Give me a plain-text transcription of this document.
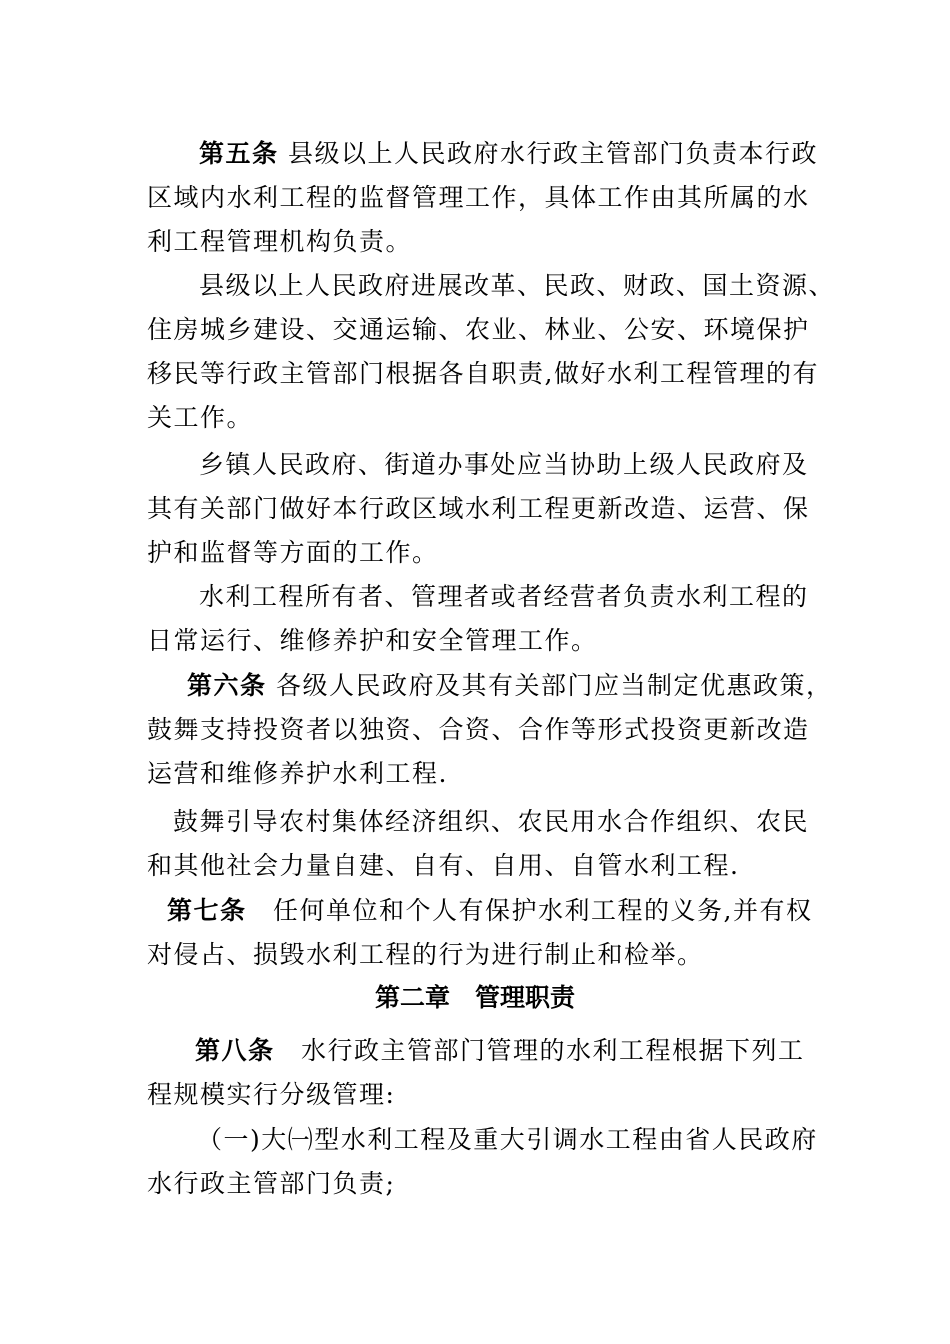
第五条 县级以上人民政府水行政主管部门负责本行政
区域内水利工程的监督管理工作，具体工作由其所属的水
利工程管理机构负责。

县级以上人民政府进展改革、民政、财政、国土资源、
住房城乡建设、交通运输、农业、林业、公安、环境保护
移民等行政主管部门根据各自职责,做好水利工程管理的有
关工作。

乡镇人民政府、街道办事处应当协助上级人民政府及
其有关部门做好本行政区域水利工程更新改造、运营、保
护和监督等方面的工作。

水利工程所有者、管理者或者经营者负责水利工程的
日常运行、维修养护和安全管理工作。

第六条 各级人民政府及其有关部门应当制定优惠政策，
鼓舞支持投资者以独资、合资、合作等形式投资更新改造
运营和维修养护水利工程.

鼓舞引导农村集体经济组织、农民用水合作组织、农民
和其他社会力量自建、自有、自用、自管水利工程.

第七条　任何单位和个人有保护水利工程的义务,并有权
对侵占、损毁水利工程的行为进行制止和检举。

第二章　管理职责

第八条　水行政主管部门管理的水利工程根据下列工
程规模实行分级管理:

（一)大㈠型水利工程及重大引调水工程由省人民政府
水行政主管部门负责;
